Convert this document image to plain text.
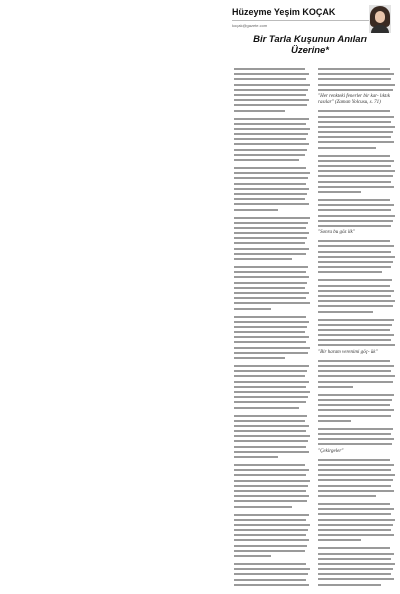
Hüzeyme Yeşim KOÇAK
koçak@gazete.com
Bir Tarla Kuşunun Anıları Üzerine*
"Her renkteki fenerler bir kar- lıktık rasılar" (Zaman Yolcusu, s. 71)
"Sonra bu göz ilk"
"Bir haram verenimi göç- ük"
"Çekirgeler"
